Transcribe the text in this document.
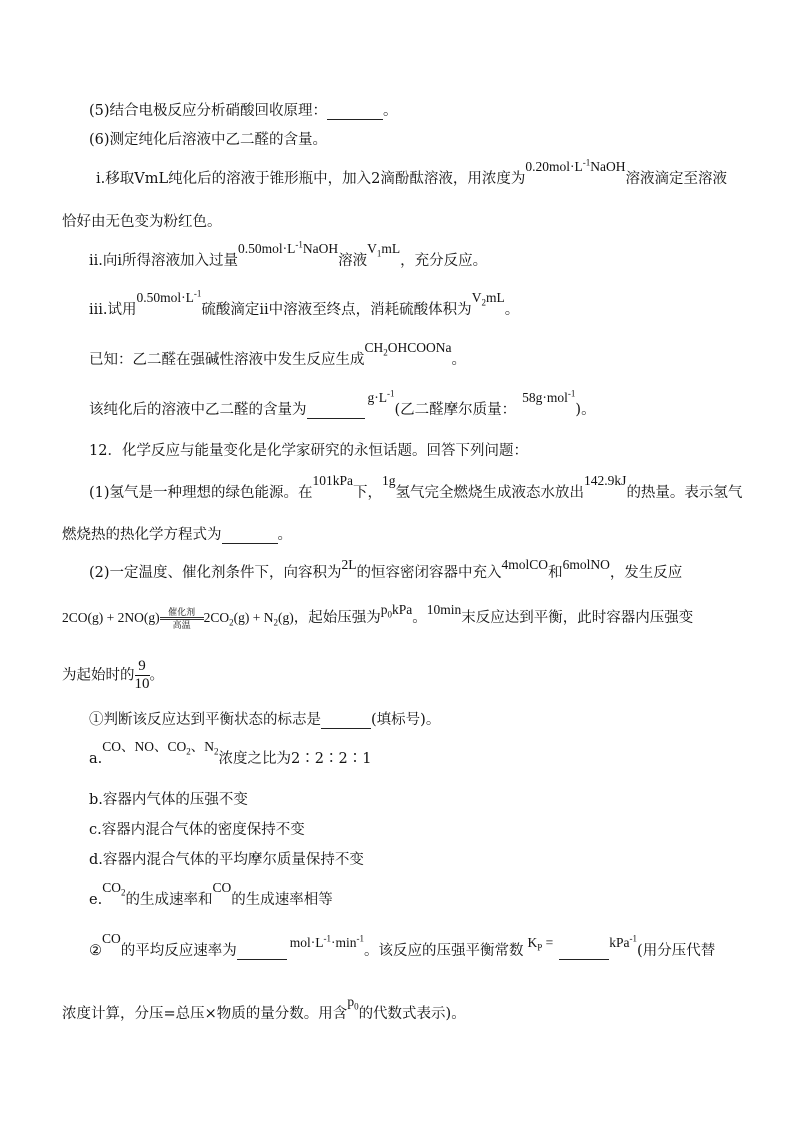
(5)结合电极反应分析硝酸回收原理：	。
(6)测定纯化后溶液中乙二醛的含量。
ⅰ.移取VmL纯化后的溶液于锥形瓶中，加入2滴酚酞溶液，用浓度为$0.20mol\cdot L^{-1}NaOH$溶液滴定至溶液
恰好由无色变为粉红色。
ⅱ.向ⅰ所得溶液加入过量$0.50mol\cdot L^{-1}NaOH$溶液$V_1mL$，充分反应。
ⅲ.试用$0.50mol\cdot L^{-1}$硫酸滴定ⅱ中溶液至终点，消耗硫酸体积为$V_2mL$。
已知：乙二醛在强碱性溶液中发生反应生成$CH_2OHCOONa$。
该纯化后的溶液中乙二醛的含量为 $g\cdot L^{-1}$(乙二醛摩尔质量：58g·mol$^{-1}$)。
12．化学反应与能量变化是化学家研究的永恒话题。回答下列问题：
(1)氢气是一种理想的绿色能源。在101kPa下，1g氢气完全燃烧生成液态水放出142.9kJ的热量。表示氢气
燃烧热的热化学方程式为	。
(2)一定温度、催化剂条件下，向容积为2L的恒容密闭容器中充入4molCO和6molNO，发生反应
2CO(g) + 2NO(g) 催化剂
高温$2CO_2(g) + N_2(g)$，起始压强为$p_0kPa$。10min末反应达到平衡，此时容器内压强变
为起始时的 $\frac{9}{10}$ 。
①判断该反应达到平衡状态的标志是	(填标号)。
a.CO、NO、$CO_2$、$N_2$浓度之比为2∶2∶2∶1
b.容器内气体的压强不变
c.容器内混合气体的密度保持不变
d.容器内混合气体的平均摩尔质量保持不变
$e.CO_2$的生成速率和CO的生成速率相等
②CO的平均反应速率为 $mol\cdot L^{-1}\cdot\min^{-1}$。该反应的压强平衡常数$K_P$ =	kPa$^{-1}$(用分压代替
浓度计算，分压=总压×物质的量分数。用含$p_0$的代数式表示)。
